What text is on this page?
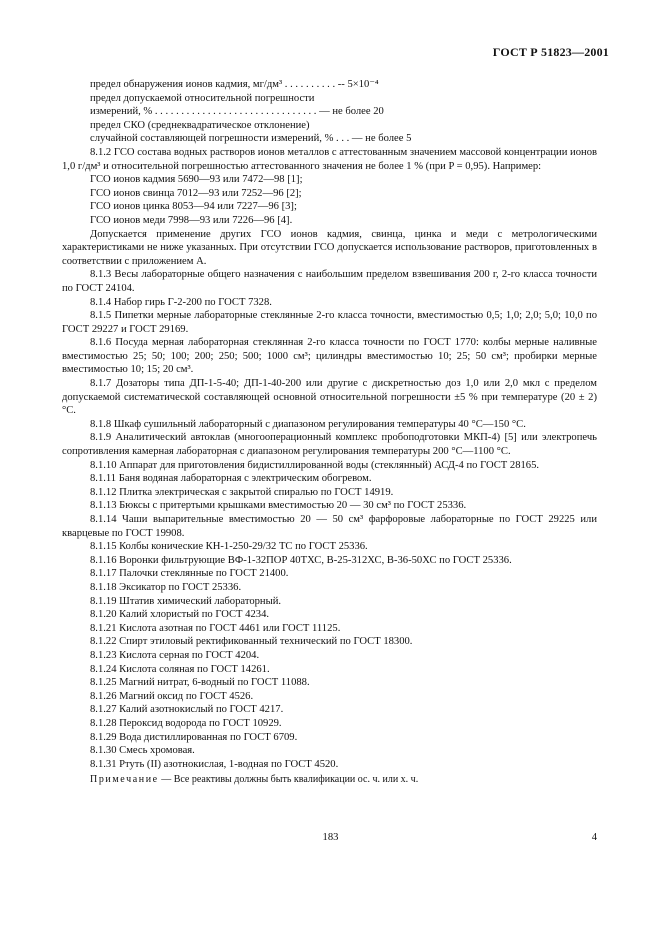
ГОСТ Р 51823—2001

предел обнаружения ионов кадмия, мг/дм³ . . . . . . . . . . -- 5×10⁻⁴

предел допускаемой относительной погрешности

измерений, % . . . . . . . . . . . . . . . . . . . . . . . . . . . . . . . — не более 20

предел СКО (среднеквадратическое отклонение)

случайной составляющей погрешности измерений, % . . . — не более 5

8.1.2 ГСО состава водных растворов ионов металлов с аттестованным значением массовой концентрации ионов 1,0 г/дм³ и относительной погрешностью аттестованного значения не более 1 % (при P = 0,95). Например:

ГСО ионов кадмия 5690—93 или 7472—98 [1];

ГСО ионов свинца 7012—93 или 7252—96 [2];

ГСО ионов цинка 8053—94 или 7227—96 [3];

ГСО ионов меди 7998—93 или 7226—96 [4].

Допускается применение других ГСО ионов кадмия, свинца, цинка и меди с метрологическими характеристиками не ниже указанных. При отсутствии ГСО допускается использование растворов, приготовленных в соответствии с приложением А.

8.1.3 Весы лабораторные общего назначения с наибольшим пределом взвешивания 200 г, 2-го класса точности по ГОСТ 24104.

8.1.4 Набор гирь Г-2-200 по ГОСТ 7328.

8.1.5 Пипетки мерные лабораторные стеклянные 2-го класса точности, вместимостью 0,5; 1,0; 2,0; 5,0; 10,0 по ГОСТ 29227 и ГОСТ 29169.

8.1.6 Посуда мерная лабораторная стеклянная 2-го класса точности по ГОСТ 1770: колбы мерные наливные вместимостью 25; 50; 100; 200; 250; 500; 1000 см³; цилиндры вместимостью 10; 25; 50 см³; пробирки мерные вместимостью 10; 15; 20 см³.

8.1.7 Дозаторы типа ДП-1-5-40; ДП-1-40-200 или другие с дискретностью доз 1,0 или 2,0 мкл с пределом допускаемой систематической составляющей основной относительной погрешности ±5 % при температуре (20 ± 2) °С.

8.1.8 Шкаф сушильный лабораторный с диапазоном регулирования температуры 40 °С—150 °С.

8.1.9 Аналитический автоклав (многооперационный комплекс пробоподготовки МКП-4) [5] или электропечь сопротивления камерная лабораторная с диапазоном регулирования температуры 200 °С—1100 °С.

8.1.10 Аппарат для приготовления бидистиллированной воды (стеклянный) АСД-4 по ГОСТ 28165.

8.1.11 Баня водяная лабораторная с электрическим обогревом.

8.1.12 Плитка электрическая с закрытой спиралью по ГОСТ 14919.

8.1.13 Бюксы с притертыми крышками вместимостью 20 — 30 см³ по ГОСТ 25336.

8.1.14 Чаши выпарительные вместимостью 20 — 50 см³ фарфоровые лабораторные по ГОСТ 29225 или кварцевые по ГОСТ 19908.

8.1.15 Колбы конические КН-1-250-29/32 ТС по ГОСТ 25336.

8.1.16 Воронки фильтрующие ВФ-1-32ПОР 40ТХС, В-25-312ХС, В-36-50ХС по ГОСТ 25336.

8.1.17 Палочки стеклянные по ГОСТ 21400.

8.1.18 Эксикатор по ГОСТ 25336.

8.1.19 Штатив химический лабораторный.

8.1.20 Калий хлористый по ГОСТ 4234.

8.1.21 Кислота азотная по ГОСТ 4461 или ГОСТ 11125.

8.1.22 Спирт этиловый ректификованный технический по ГОСТ 18300.

8.1.23 Кислота серная по ГОСТ 4204.

8.1.24 Кислота соляная по ГОСТ 14261.

8.1.25 Магний нитрат, 6-водный по ГОСТ 11088.

8.1.26 Магний оксид по ГОСТ 4526.

8.1.27 Калий азотнокислый по ГОСТ 4217.

8.1.28 Пероксид водорода по ГОСТ 10929.

8.1.29 Вода дистиллированная по ГОСТ 6709.

8.1.30 Смесь хромовая.

8.1.31 Ртуть (II) азотнокислая, 1-водная по ГОСТ 4520.

Примечание — Все реактивы должны быть квалификации ос. ч. или х. ч.

183	4
